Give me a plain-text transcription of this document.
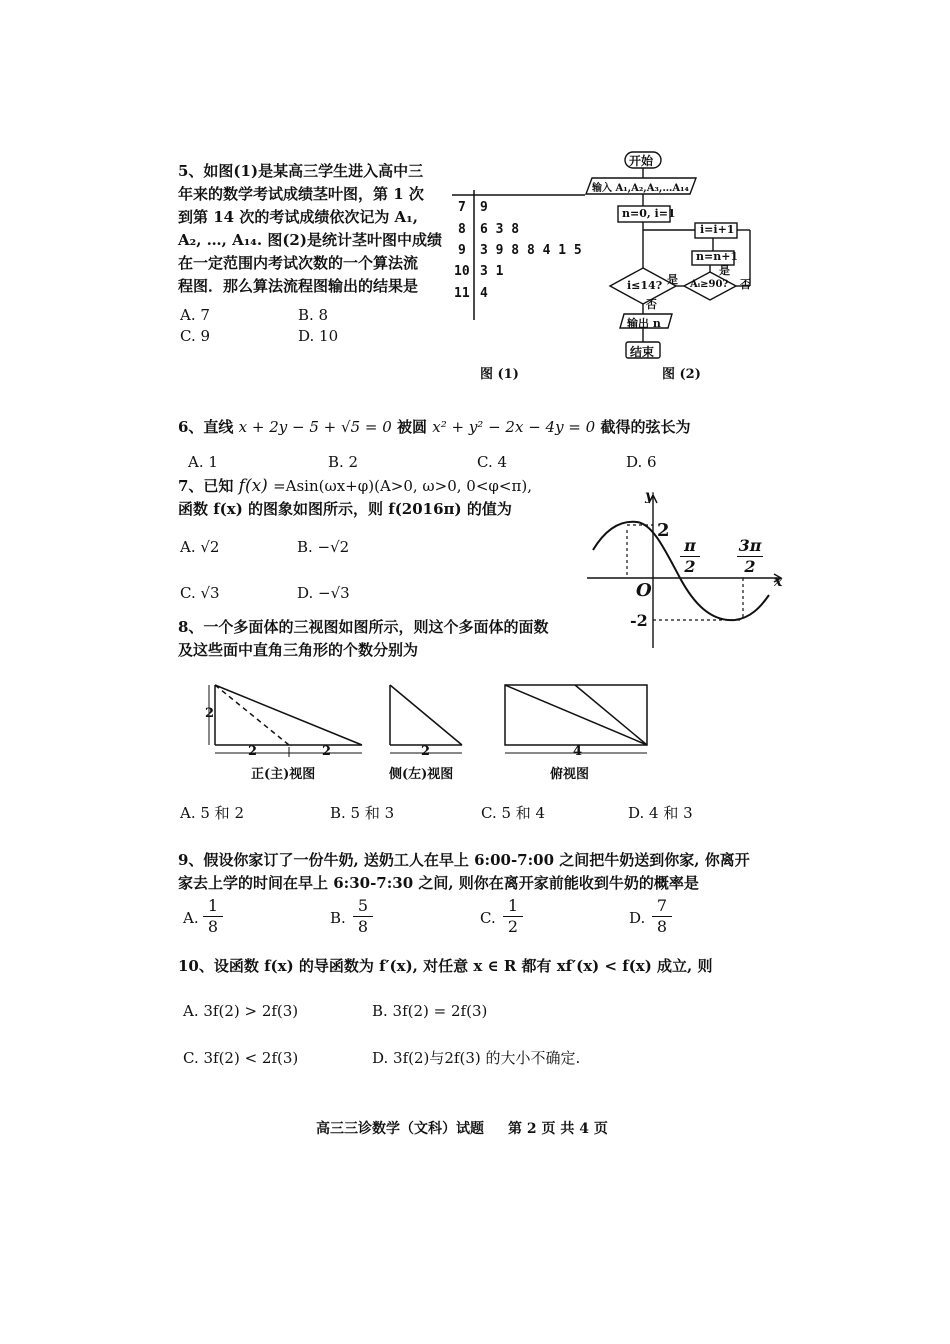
5、如图(1)是某高三学生进入高中三
年来的数学考试成绩茎叶图，第 1 次
到第 14 次的考试成绩依次记为 A₁,
A₂, …, A₁₄. 图(2)是统计茎叶图中成绩
在一定范围内考试次数的一个算法流
程图．那么算法流程图输出的结果是
A. 7	B. 8
C. 9	D. 10
7 9
8 6 3 8
9 3 9 8 8 4 1 5
10 3 1
11 4
图 (1)
开始
输入 A₁,A₂,A₃,…A₁₄
n=0, i=1
i=i+1
n=n+1
i≤14?	Aᵢ≥90?
是
是
否
否
输出 n
结束
图 (2)
6、直线 x + 2y − 5 + √5 = 0 被圆 x² + y² − 2x − 4y = 0 截得的弦长为
A. 1	B. 2	C. 4	D. 6
7、已知 f(x) =Asin(ωx+φ)(A>0, ω>0, 0<φ<π),
函数 f(x) 的图象如图所示，则 f(2016π) 的值为
A. √2	B. −√2
C. √3	D. −√3
y
x
O
2
-2
$\frac{\pi}{2} \frac{3\pi}{2}$
8、一个多面体的三视图如图所示，则这个多面体的面数
及这些面中直角三角形的个数分别为
2
2	2	2	4
正(主)视图	侧(左)视图	俯视图
A. 5 和 2	B. 5 和 3	C. 5 和 4	D. 4 和 3
9、假设你家订了一份牛奶, 送奶工人在早上 6:00-7:00 之间把牛奶送到你家, 你离开
家去上学的时间在早上 6:30-7:30 之间, 则你在离开家前能收到牛奶的概率是
A. $\frac{1}{8}$	B. $\frac{5}{8}$	C. $\frac{1}{2}$	D. $\frac{7}{8}$
10、设函数 f(x) 的导函数为 f′(x), 对任意 x ∈ R 都有 xf′(x) < f(x) 成立, 则
A. 3f(2) > 2f(3)	B. 3f(2) = 2f(3)
C. 3f(2) < 2f(3)	D. 3f(2)与2f(3) 的大小不确定.
高三三诊数学（文科）试题 第 2 页 共 4 页
